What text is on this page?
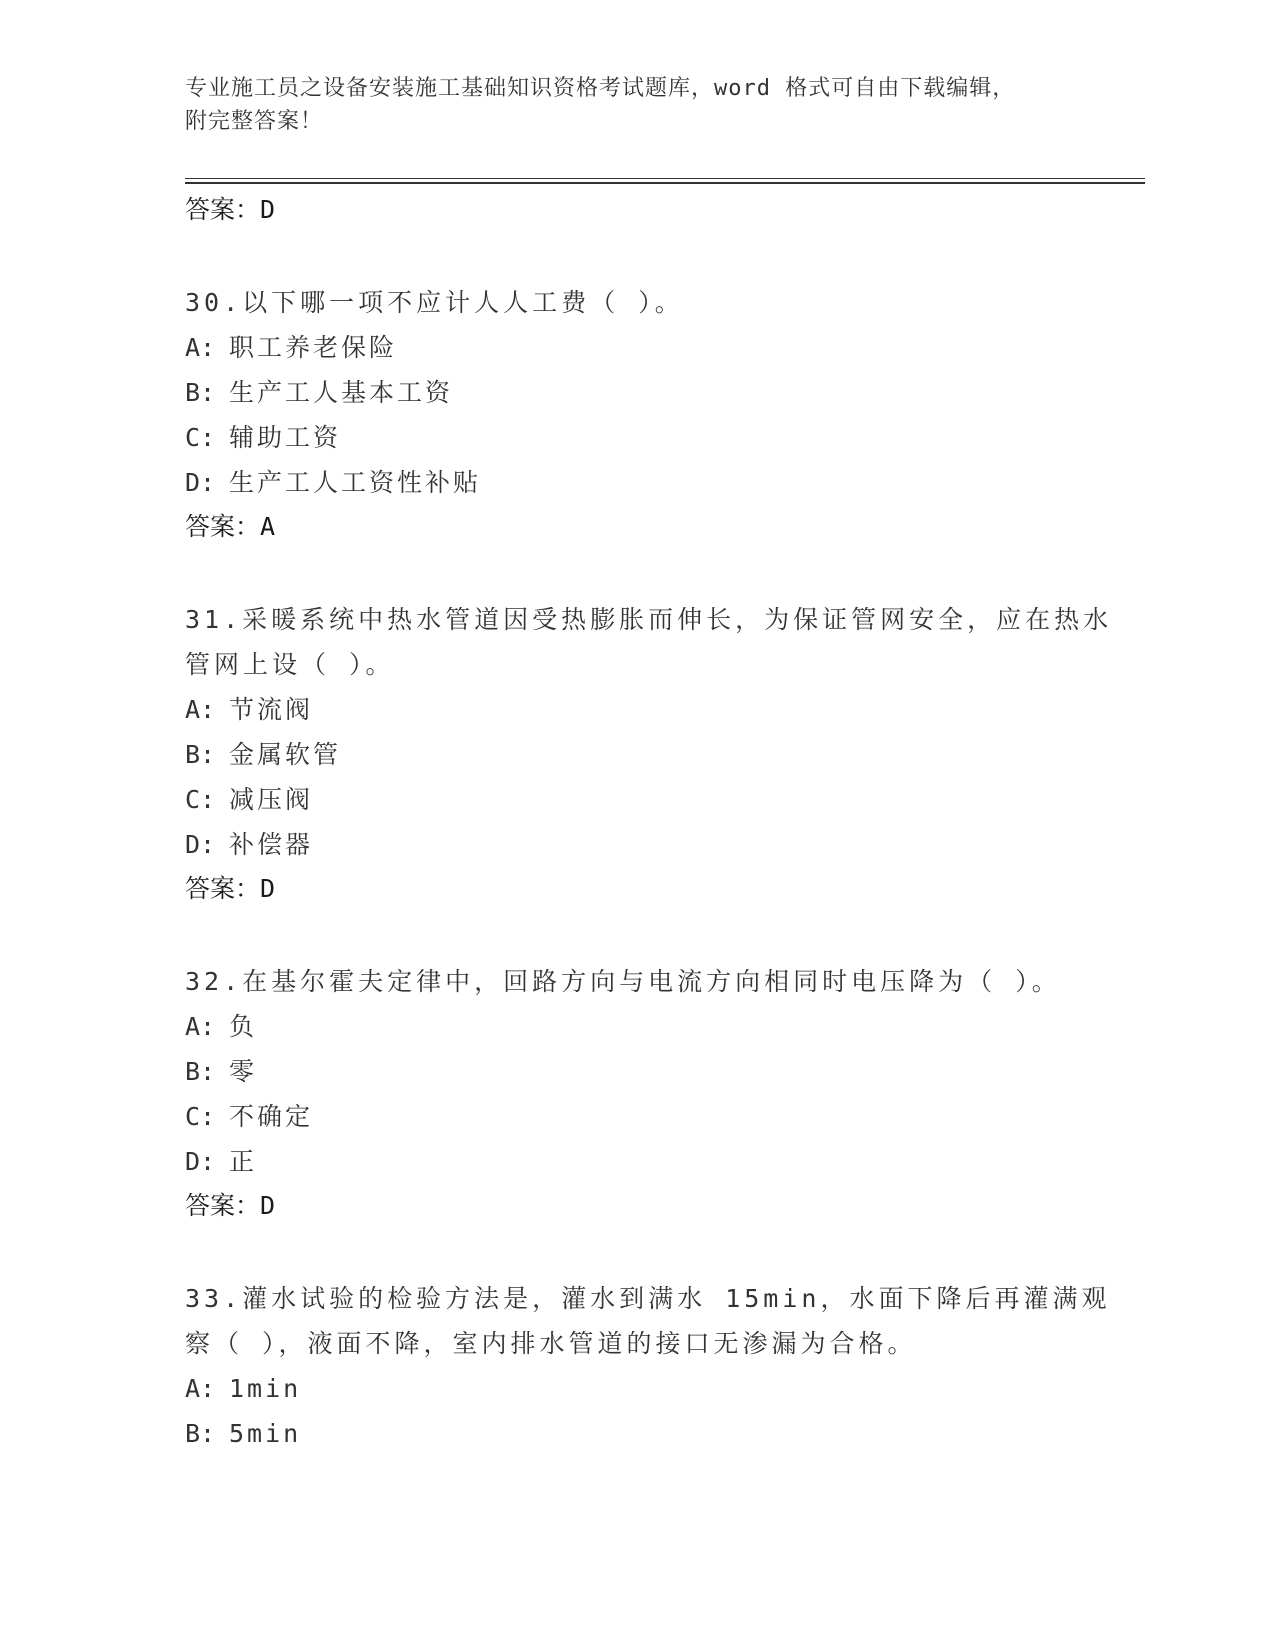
专业施工员之设备安装施工基础知识资格考试题库，word 格式可自由下载编辑，
附完整答案！
答案：D
30.以下哪一项不应计人人工费（ ）。
A: 职工养老保险
B: 生产工人基本工资
C: 辅助工资
D: 生产工人工资性补贴
答案：A
31.采暖系统中热水管道因受热膨胀而伸长，为保证管网安全，应在热水管网上设（ ）。
A: 节流阀
B: 金属软管
C: 减压阀
D: 补偿器
答案：D
32.在基尔霍夫定律中，回路方向与电流方向相同时电压降为（ ）。
A: 负
B: 零
C: 不确定
D: 正
答案：D
33.灌水试验的检验方法是，灌水到满水 15min，水面下降后再灌满观察（ ），液面不降，室内排水管道的接口无渗漏为合格。
A: 1min
B: 5min
